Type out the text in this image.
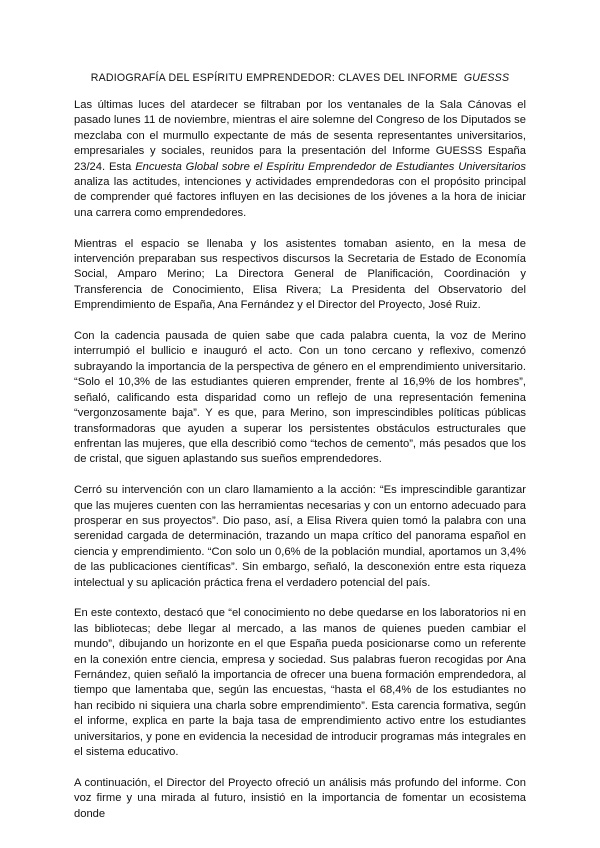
RADIOGRAFÍA DEL ESPÍRITU EMPRENDEDOR: CLAVES DEL INFORME GUESSS

Las últimas luces del atardecer se filtraban por los ventanales de la Sala Cánovas el pasado lunes 11 de noviembre, mientras el aire solemne del Congreso de los Diputados se mezclaba con el murmullo expectante de más de sesenta representantes universitarios, empresariales y sociales, reunidos para la presentación del Informe GUESSS España 23/24. Esta Encuesta Global sobre el Espíritu Emprendedor de Estudiantes Universitarios analiza las actitudes, intenciones y actividades emprendedoras con el propósito principal de comprender qué factores influyen en las decisiones de los jóvenes a la hora de iniciar una carrera como emprendedores.

Mientras el espacio se llenaba y los asistentes tomaban asiento, en la mesa de intervención preparaban sus respectivos discursos la Secretaria de Estado de Economía Social, Amparo Merino; La Directora General de Planificación, Coordinación y Transferencia de Conocimiento, Elisa Rivera; La Presidenta del Observatorio del Emprendimiento de España, Ana Fernández y el Director del Proyecto, José Ruiz.

Con la cadencia pausada de quien sabe que cada palabra cuenta, la voz de Merino interrumpió el bullicio e inauguró el acto. Con un tono cercano y reflexivo, comenzó subrayando la importancia de la perspectiva de género en el emprendimiento universitario. “Solo el 10,3% de las estudiantes quieren emprender, frente al 16,9% de los hombres”, señaló, calificando esta disparidad como un reflejo de una representación femenina “vergonzosamente baja”. Y es que, para Merino, son imprescindibles políticas públicas transformadoras que ayuden a superar los persistentes obstáculos estructurales que enfrentan las mujeres, que ella describió como “techos de cemento”, más pesados que los de cristal, que siguen aplastando sus sueños emprendedores.

Cerró su intervención con un claro llamamiento a la acción: “Es imprescindible garantizar que las mujeres cuenten con las herramientas necesarias y con un entorno adecuado para prosperar en sus proyectos”. Dio paso, así, a Elisa Rivera quien tomó la palabra con una serenidad cargada de determinación, trazando un mapa crítico del panorama español en ciencia y emprendimiento. “Con solo un 0,6% de la población mundial, aportamos un 3,4% de las publicaciones científicas”. Sin embargo, señaló, la desconexión entre esta riqueza intelectual y su aplicación práctica frena el verdadero potencial del país.

En este contexto, destacó que “el conocimiento no debe quedarse en los laboratorios ni en las bibliotecas; debe llegar al mercado, a las manos de quienes pueden cambiar el mundo”, dibujando un horizonte en el que España pueda posicionarse como un referente en la conexión entre ciencia, empresa y sociedad. Sus palabras fueron recogidas por Ana Fernández, quien señaló la importancia de ofrecer una buena formación emprendedora, al tiempo que lamentaba que, según las encuestas, “hasta el 68,4% de los estudiantes no han recibido ni siquiera una charla sobre emprendimiento”. Esta carencia formativa, según el informe, explica en parte la baja tasa de emprendimiento activo entre los estudiantes universitarios, y pone en evidencia la necesidad de introducir programas más integrales en el sistema educativo.

A continuación, el Director del Proyecto ofreció un análisis más profundo del informe. Con voz firme y una mirada al futuro, insistió en la importancia de fomentar un ecosistema donde
